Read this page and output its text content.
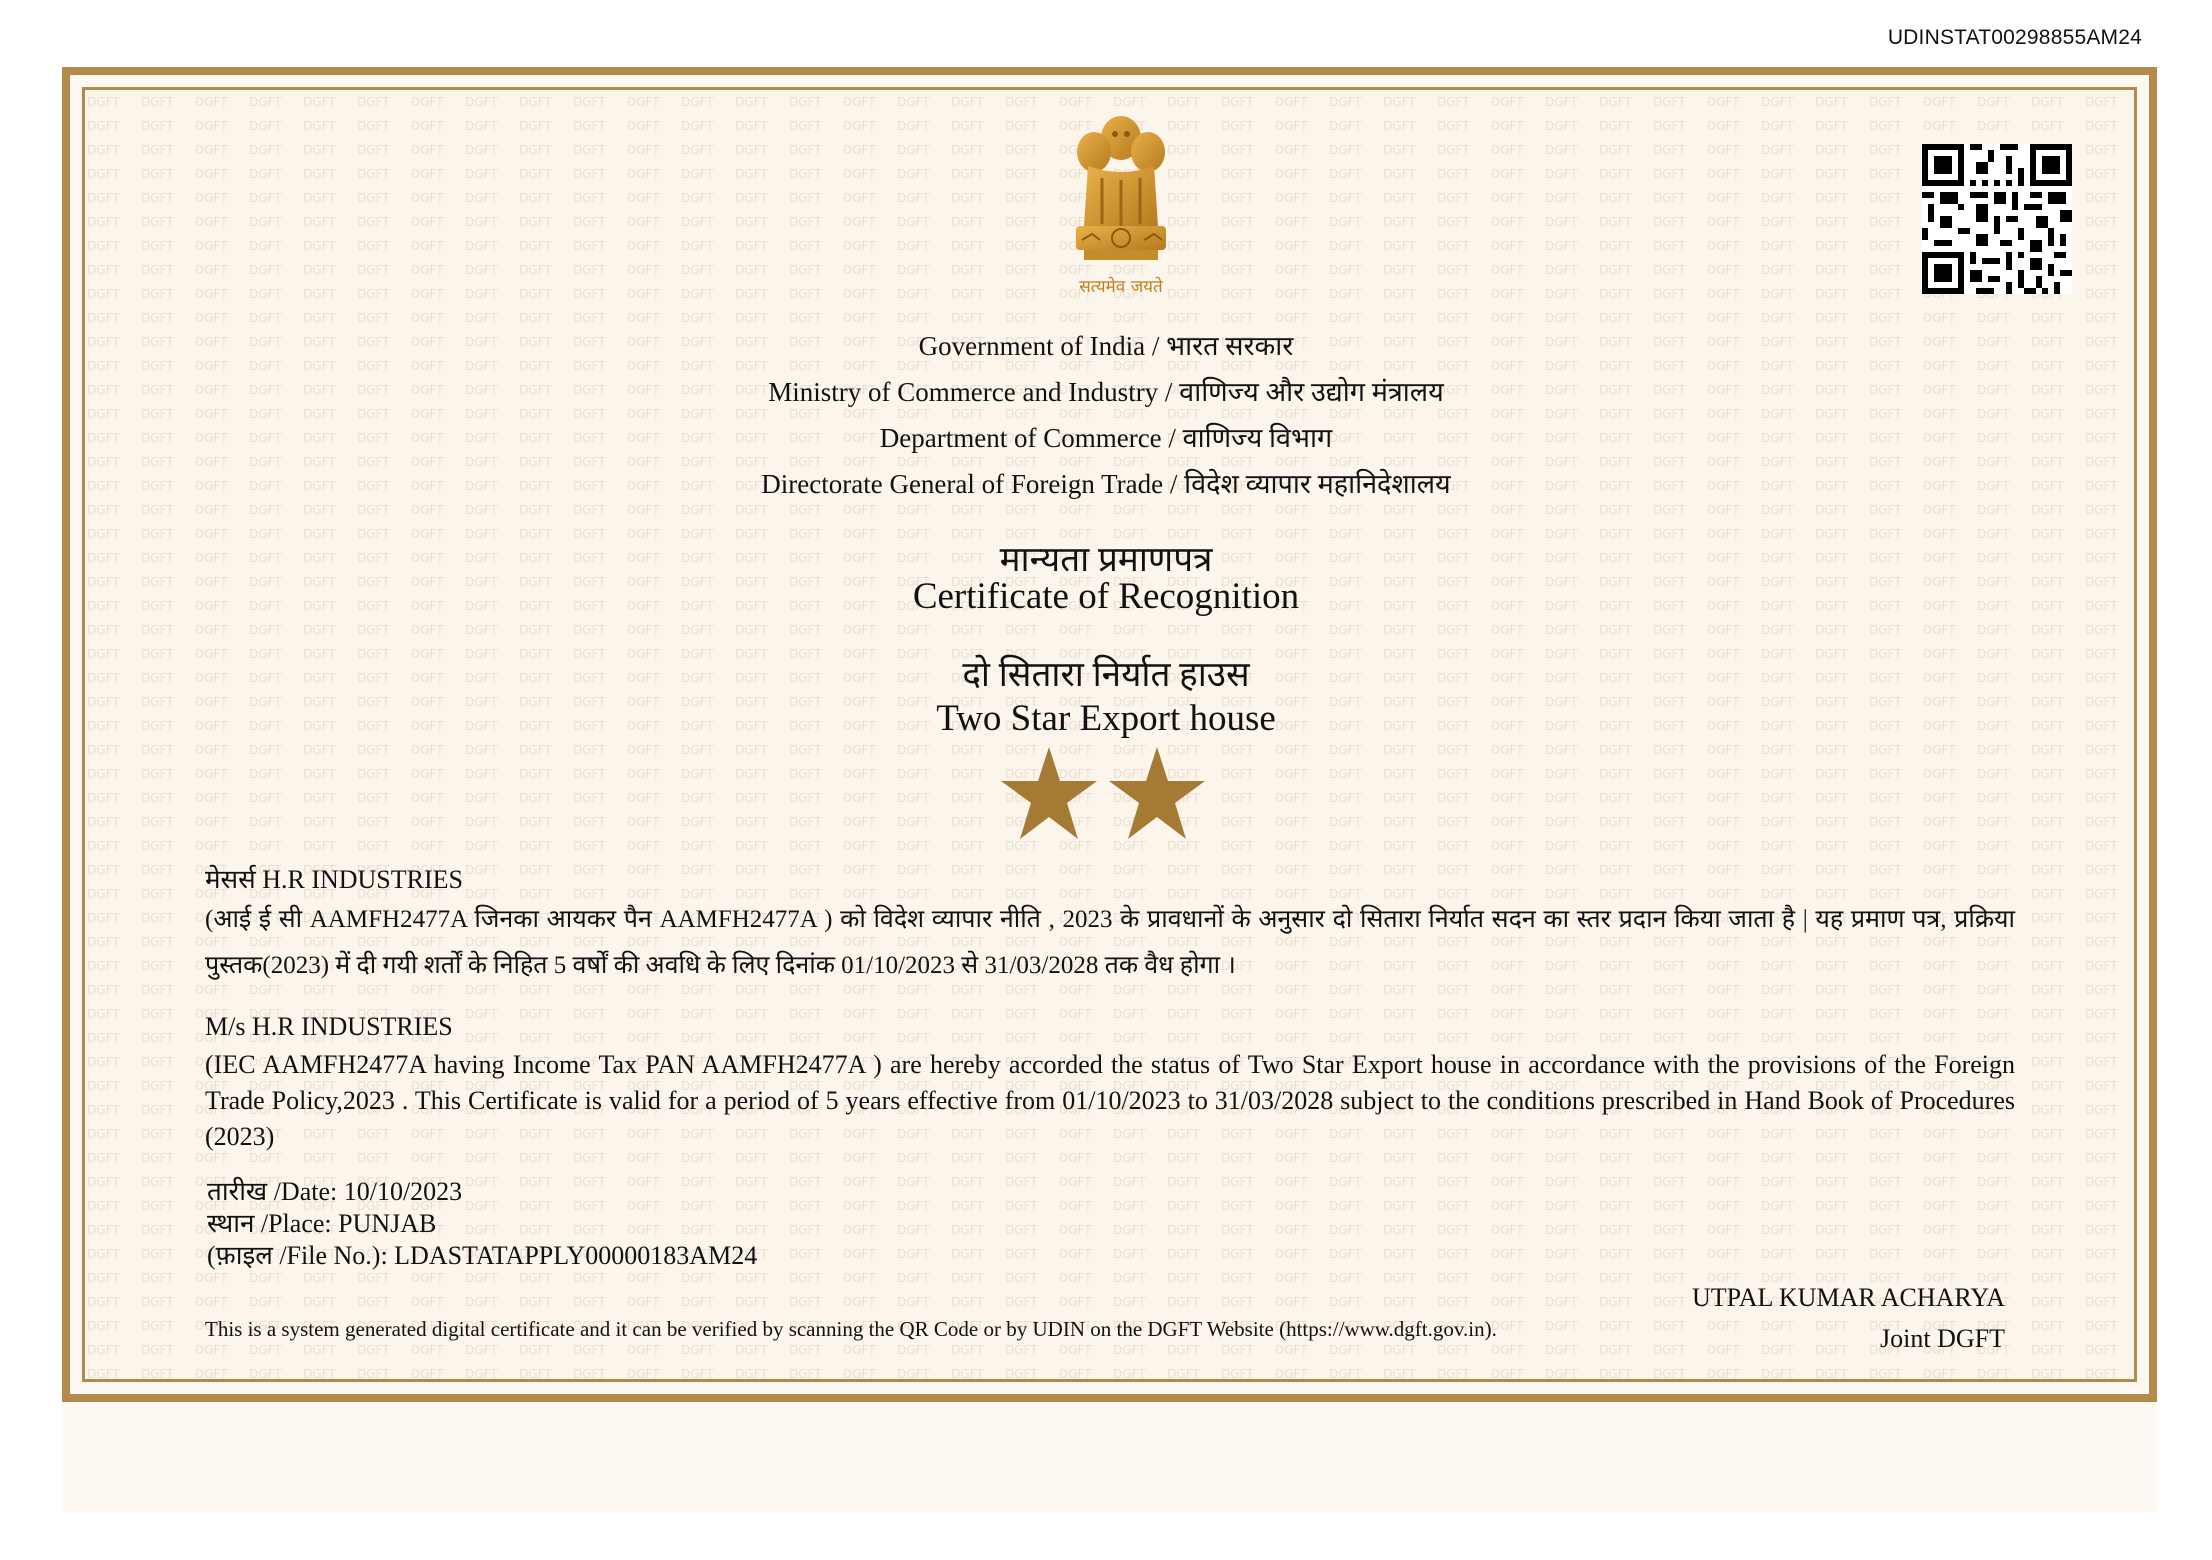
UDINSTAT00298855AM24
सत्यमेव जयते
Government of India / भारत सरकार
Ministry of Commerce and Industry / वाणिज्य और उद्योग मंत्रालय
Department of Commerce / वाणिज्य विभाग
Directorate General of Foreign Trade / विदेश व्यापार महानिदेशालय
मान्यता प्रमाणपत्र
Certificate of Recognition
दो सितारा निर्यात हाउस
Two Star Export house
मेसर्स H.R INDUSTRIES
(आई ई सी AAMFH2477A जिनका आयकर पैन AAMFH2477A ) को विदेश व्यापार नीति , 2023 के प्रावधानों के अनुसार दो सितारा निर्यात सदन का स्तर प्रदान किया जाता है | यह प्रमाण पत्र, प्रक्रिया पुस्तक(2023) में दी गयी शर्तों के निहित 5 वर्षों की अवधि के लिए दिनांक 01/10/2023 से 31/03/2028 तक वैध होगा ।
M/s H.R INDUSTRIES
(IEC AAMFH2477A having Income Tax PAN AAMFH2477A ) are hereby accorded the status of Two Star Export house in accordance with the provisions of the Foreign Trade Policy,2023 . This Certificate is valid for a period of 5 years effective from 01/10/2023 to 31/03/2028 subject to the conditions prescribed in Hand Book of Procedures (2023)
तारीख /Date: 10/10/2023
स्थान /Place: PUNJAB
(फ़ाइल /File No.): LDASTATAPPLY00000183AM24
UTPAL KUMAR ACHARYA
Joint DGFT
This is a system generated digital certificate and it can be verified by scanning the QR Code or by UDIN on the DGFT Website (https://www.dgft.gov.in).
